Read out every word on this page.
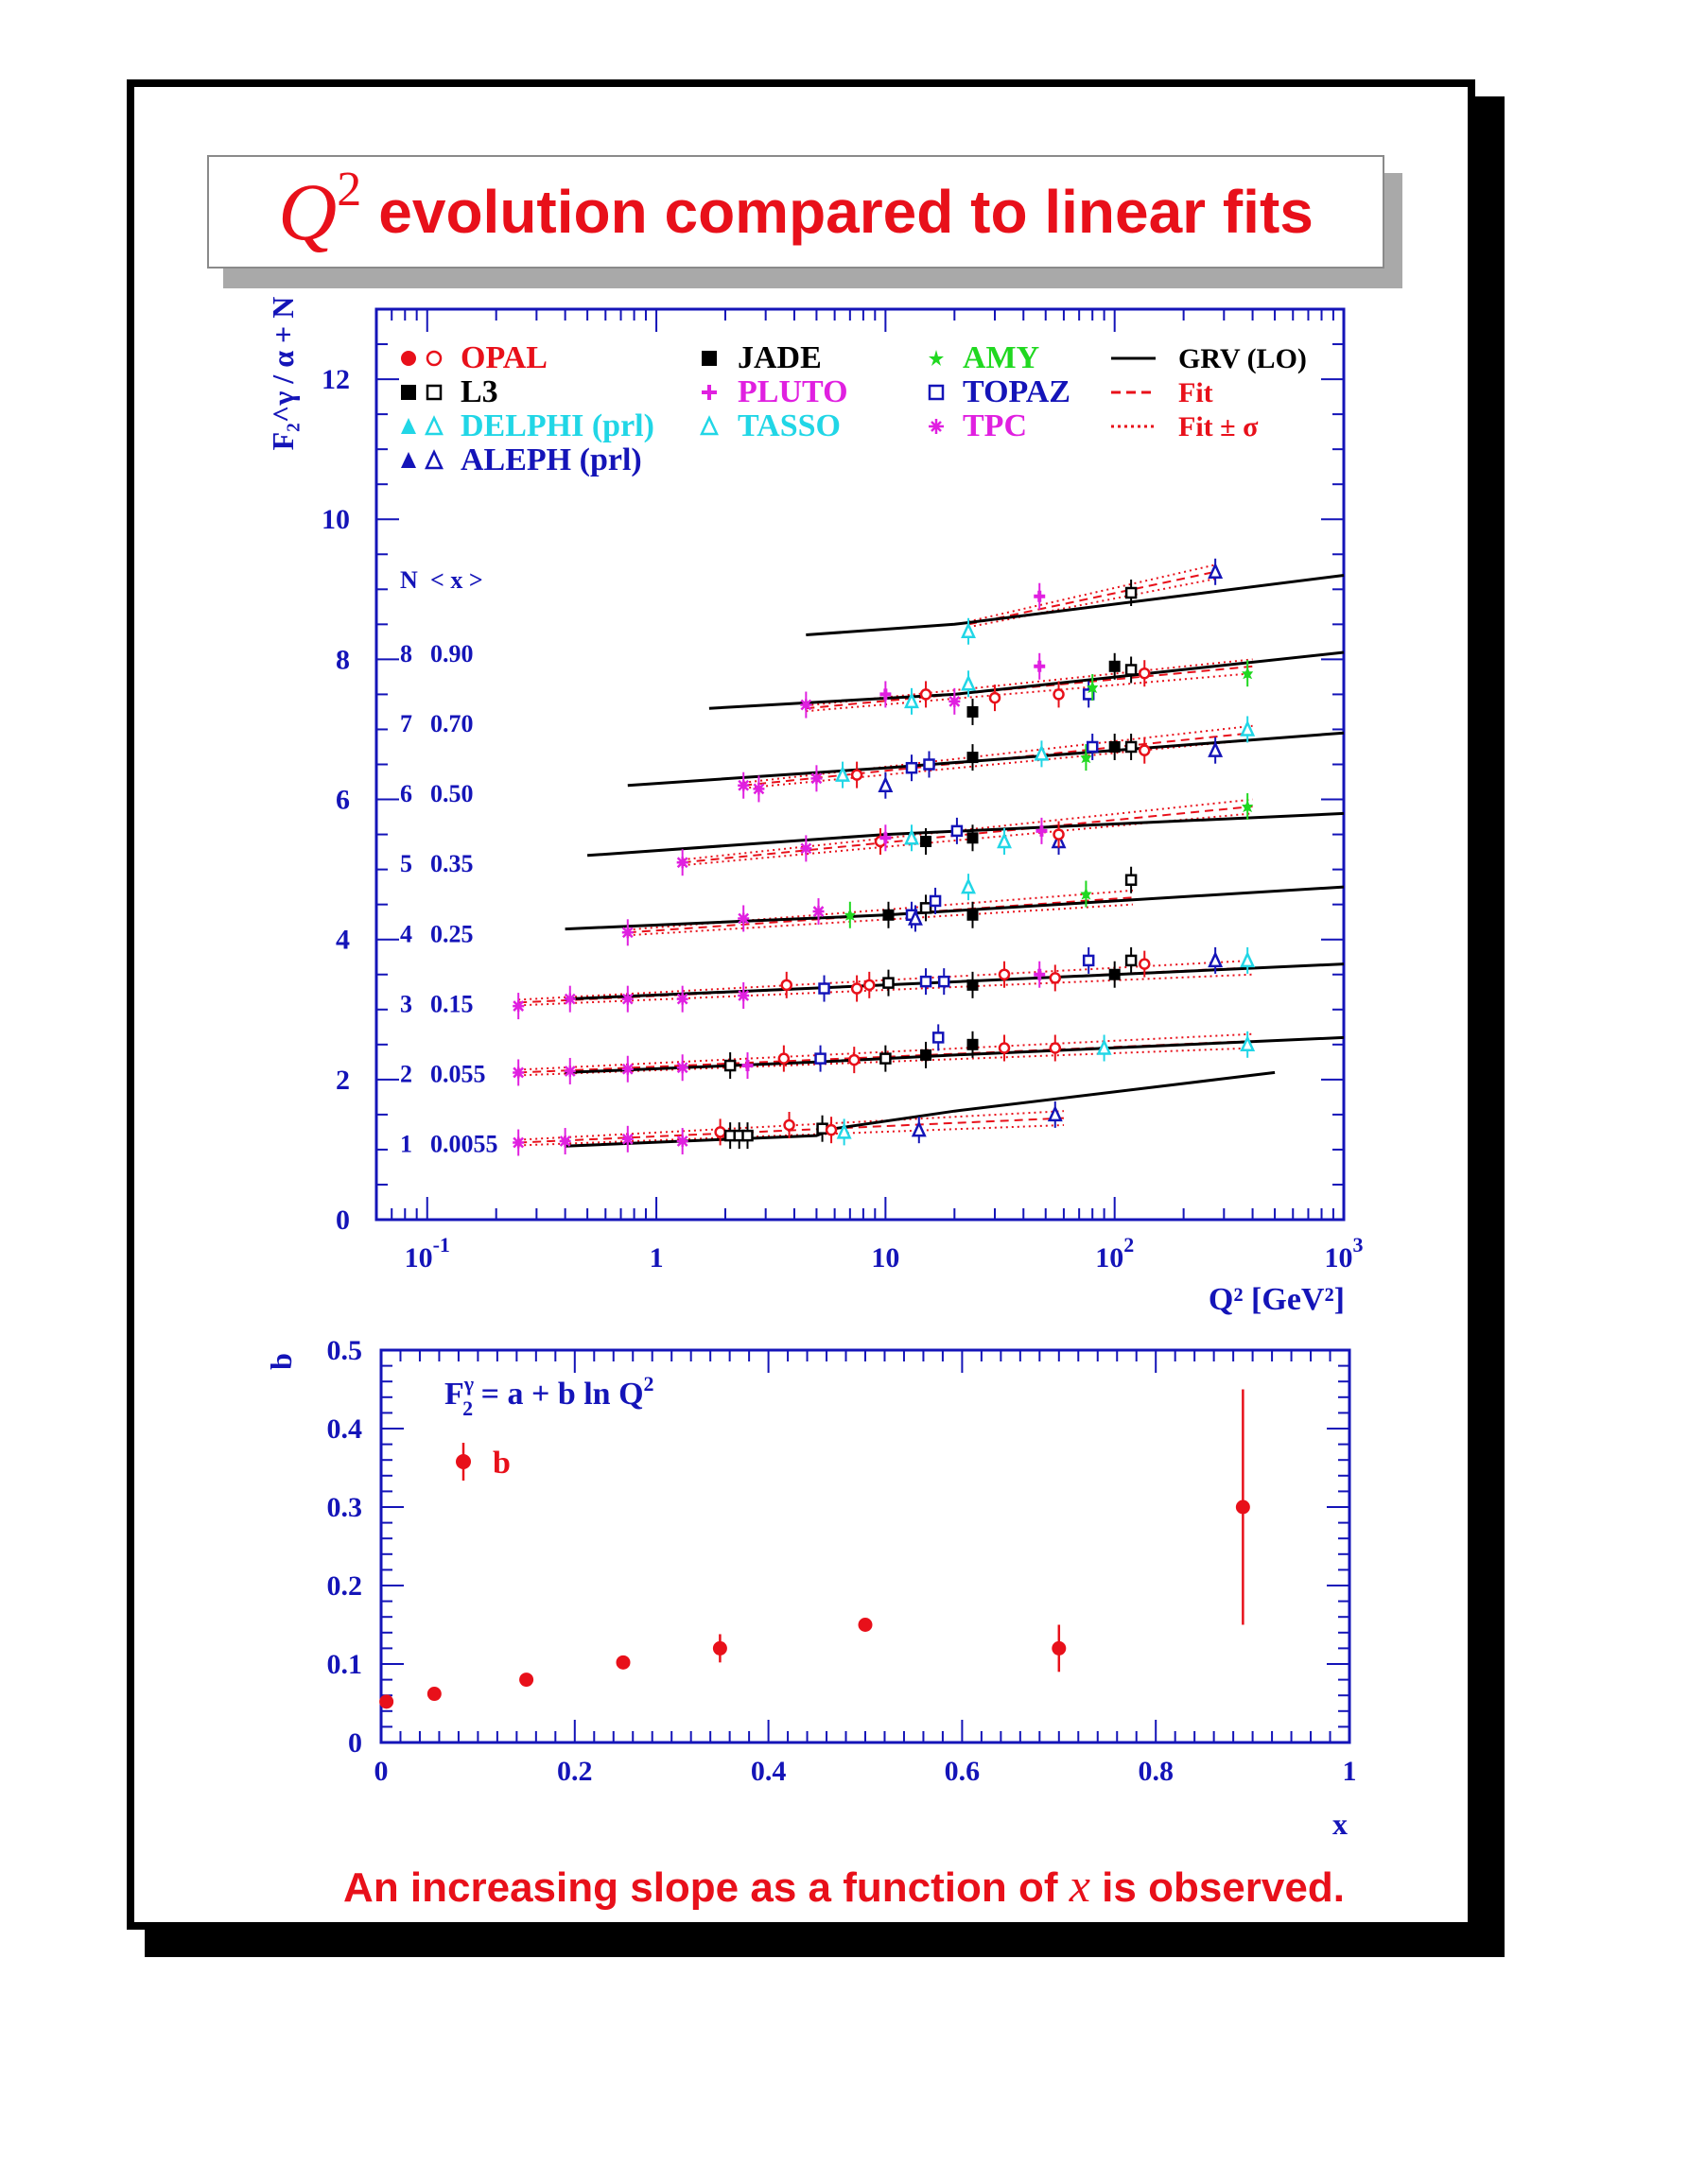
$Q^2$ evolution compared to linear fits
0
2
4
6
8
10
12
$10^{-1}$	1	10	$10^2$	$10^3$
Q² [GeV²]
F₂^γ / α + N	OPAL
L3
DELPHI (prl)
ALEPH (prl)
JADE
PLUTO
TASSO
AMY
TOPAZ
TPC
GRV (LO)
Fit
Fit ± σ
N < x >
1 0.0055
2 0.055
3 0.15
4 0.25
5 0.35
6 0.50
7 0.70
8 0.90
0	0.2	0.4	0.6	0.8	1
0
0.1
0.2
0.3
0.4
0.5
x
b
$F^\gamma$ 2 = a + b $\ln Q^2$
b
An increasing slope as a function of x is observed.
